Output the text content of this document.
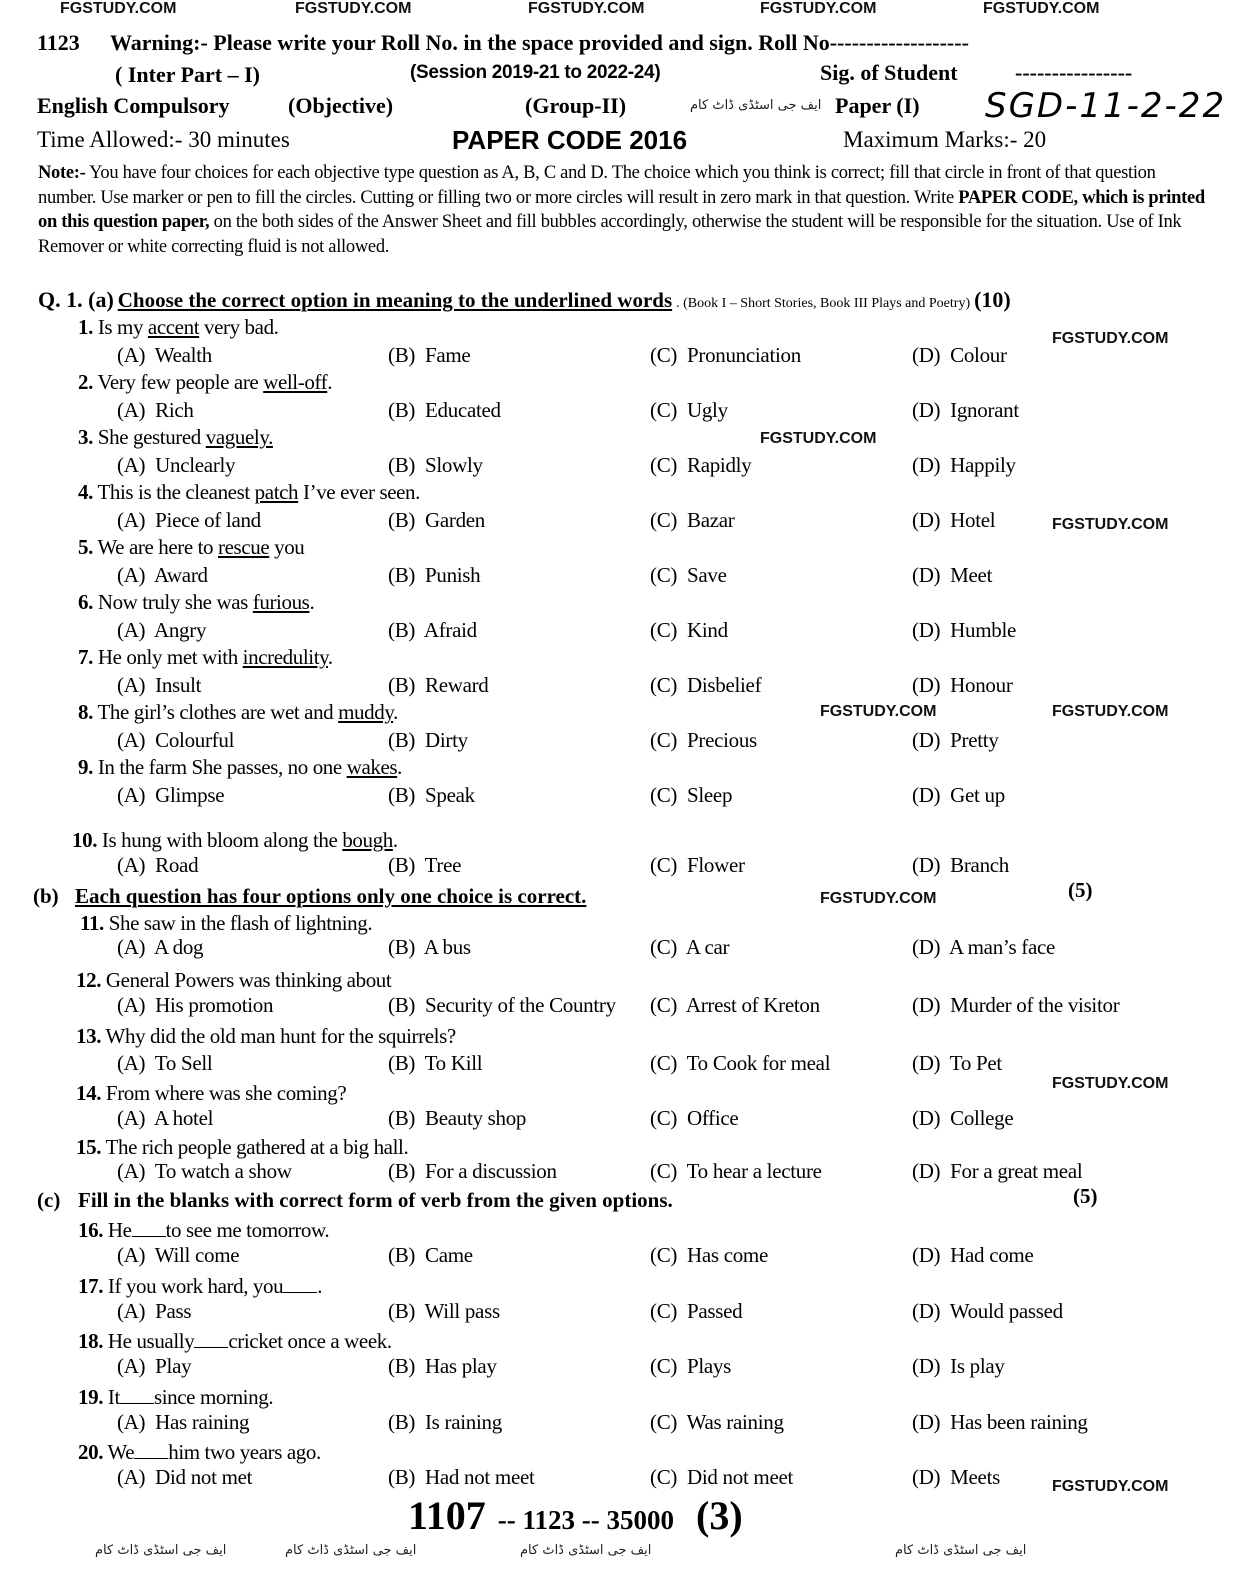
FGSTUDY.COM	FGSTUDY.COM	FGSTUDY.COM	FGSTUDY.COM	FGSTUDY.COM
1123 Warning:- Please write your Roll No. in the space provided and sign. Roll No-------------------
( Inter Part – I)	(Session 2019-21 to 2022-24)	Sig. of Student	----------------
English Compulsory	(Objective)	(Group-II)	ایف جی اسٹڈی ڈاٹ کام Paper (I) SGD-11-2-22
Time Allowed:- 30 minutes	PAPER CODE 2016	Maximum Marks:- 20
Note:- You have four choices for each objective type question as A, B, C and D. The choice which you think is correct; fill that circle in front of that question number. Use marker or pen to fill the circles. Cutting or filling two or more circles will result in zero mark in that question. Write PAPER CODE, which is printed on this question paper, on the both sides of the Answer Sheet and fill bubbles accordingly, otherwise the student will be responsible for the situation. Use of Ink Remover or white correcting fluid is not allowed.
Q. 1. (a) Choose the correct option in meaning to the underlined words . (Book I – Short Stories, Book III Plays and Poetry) (10)
1. Is my accent very bad.
(A)  Wealth	(B)  Fame	(C)  Pronunciation	(D)  Colour
2. Very few people are well-off.
(A)  Rich	(B)  Educated	(C)  Ugly	(D)  Ignorant
3. She gestured vaguely.
(A)  Unclearly	(B)  Slowly	(C)  Rapidly	(D)  Happily
4. This is the cleanest patch I’ve ever seen.
(A)  Piece of land	(B)  Garden	(C)  Bazar	(D)  Hotel
5. We are here to rescue you
(A)  Award	(B)  Punish	(C)  Save	(D)  Meet
6. Now truly she was furious.
(A)  Angry	(B)  Afraid	(C)  Kind	(D)  Humble
7. He only met with incredulity.
(A)  Insult	(B)  Reward	(C)  Disbelief	(D)  Honour
8. The girl’s clothes are wet and muddy.
(A)  Colourful	(B)  Dirty	(C)  Precious	(D)  Pretty
9. In the farm She passes, no one wakes.
(A)  Glimpse	(B)  Speak	(C)  Sleep	(D)  Get up
10. Is hung with bloom along the bough.
(A)  Road	(B)  Tree	(C)  Flower	(D)  Branch
11. She saw in the flash of lightning.
(A)  A dog	(B)  A bus	(C)  A car	(D)  A man’s face
12. General Powers was thinking about
(A)  His promotion	(B)  Security of the Country (C)  Arrest of Kreton	(D)  Murder of the visitor
13. Why did the old man hunt for the squirrels?
(A)  To Sell	(B)  To Kill	(C)  To Cook for meal	(D)  To Pet
14. From where was she coming?
(A)  A hotel	(B)  Beauty shop	(C)  Office	(D)  College
15. The rich people gathered at a big hall.
(A)  To watch a show	(B)  For a discussion	(C)  To hear a lecture	(D)  For a great meal
16. He to see me tomorrow.
(A)  Will come	(B)  Came	(C)  Has come	(D)  Had come
17. If you work hard, you .
(A)  Pass	(B)  Will pass	(C)  Passed	(D)  Would passed
18. He usually cricket once a week.
(A)  Play	(B)  Has play	(C)  Plays	(D)  Is play
19. It since morning.
(A)  Has raining	(B)  Is raining	(C)  Was raining	(D)  Has been raining
20. We him two years ago.
(A)  Did not met	(B)  Had not meet	(C)  Did not meet	(D)  Meets
FGSTUDY.COM
FGSTUDY.COM
FGSTUDY.COM
FGSTUDY.COM
FGSTUDY.COM
FGSTUDY.COM
FGSTUDY.COM
FGSTUDY.COM
(b) Each question has four options only one choice is correct.	(5)
(c) Fill in the blanks with correct form of verb from the given options.	(5)
1107 -- 1123 -- 35000 (3)
ایف جی اسٹڈی ڈاٹ کام	ایف جی اسٹڈی ڈاٹ کام	ایف جی اسٹڈی ڈاٹ کام	ایف جی اسٹڈی ڈاٹ کام
